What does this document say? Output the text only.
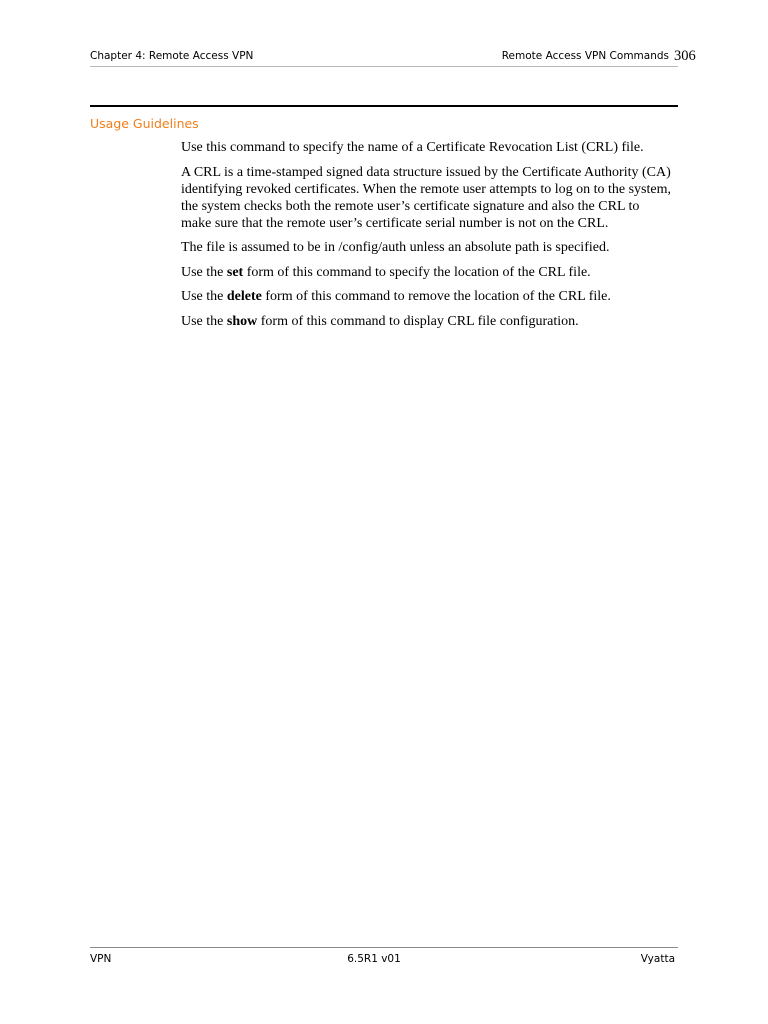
Chapter 4: Remote Access VPN	Remote Access VPN Commands 306
Usage Guidelines

Use this command to specify the name of a Certificate Revocation List (CRL) file.

A CRL is a time-stamped signed data structure issued by the Certificate Authority (CA) identifying revoked certificates. When the remote user attempts to log on to the system, the system checks both the remote user’s certificate signature and also the CRL to make sure that the remote user’s certificate serial number is not on the CRL.

The file is assumed to be in /config/auth unless an absolute path is specified.

Use the set form of this command to specify the location of the CRL file.

Use the delete form of this command to remove the location of the CRL file.

Use the show form of this command to display CRL file configuration.

VPN	6.5R1 v01	Vyatta
